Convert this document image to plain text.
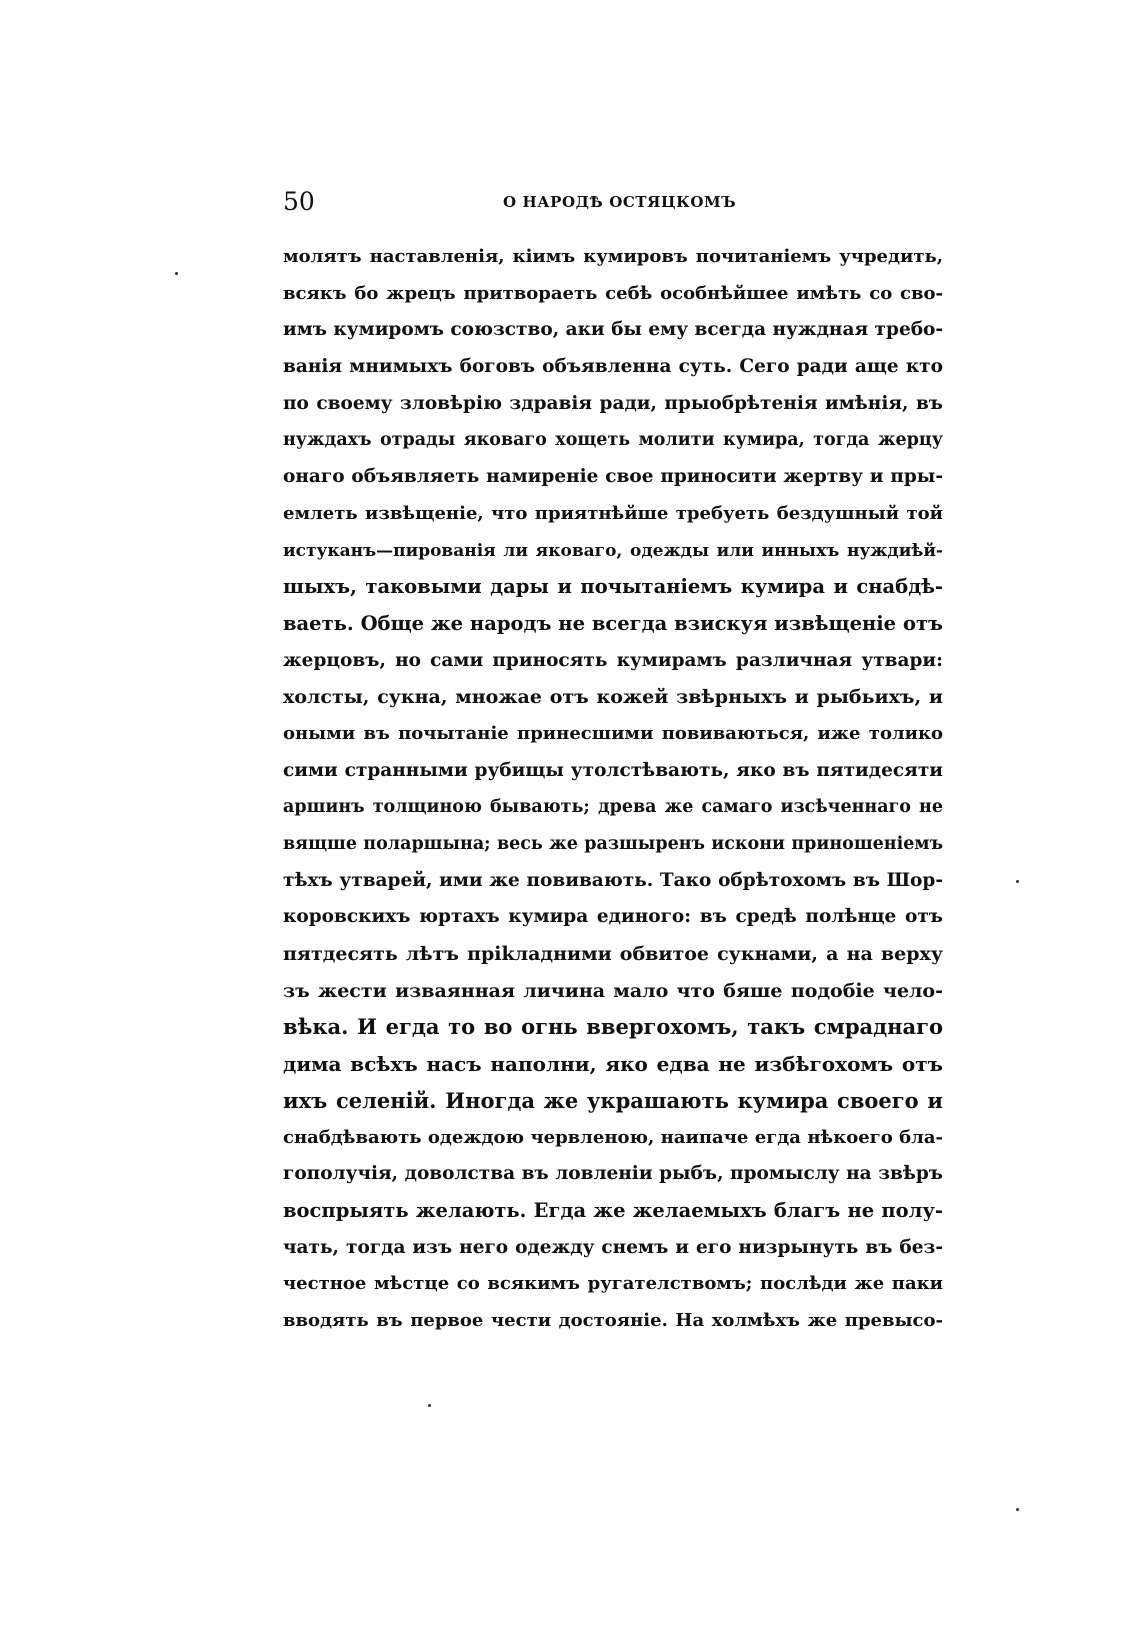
50	О НАРОДѢ ОСТЯЦКОМЪ
молятъ наставленія, кіимъ кумировъ почитаніемъ учредить,
всякъ бо жрецъ притвораеть себѣ особнѣйшее имѣть со сво-
имъ кумиромъ союзство, аки бы ему всегда нуждная требо-
ванія мнимыхъ боговъ объявленна суть. Сего ради аще кто
по своему зловѣрію здравія ради, прыобрѣтенія имѣнія, въ
нуждахъ отрады яковаго хощеть молити кумира, тогда жерцу
онаго объявляеть намиреніе свое приносити жертву и пры-
емлеть извѣщеніе, что приятнѣйше требуеть бездушный той
истуканъ—пированія ли яковаго, одежды или инныхъ нуждиѣй-
шыхъ, таковыми дары и почытаніемъ кумира и снабдѣ-
ваеть. Обще же народъ не всегда взискуя извѣщеніе отъ
жерцовъ, но сами приносять кумирамъ различная утвари:
холсты, сукна, множае отъ кожей звѣрныхъ и рыбьихъ, и
оными въ почытаніе принесшими повиваються, иже толико
сими странными рубищы утолстѣвають, яко въ пятидесяти
аршинъ толщиною бывають; древа же самаго изсѣченнаго не
вящше поларшына; весь же разшыренъ искони приношеніемъ
тѣхъ утварей, ими же повивають. Тако обрѣтохомъ въ Шор-
коровскихъ юртахъ кумира единого: въ средѣ полѣнце отъ
пятдесять лѣтъ пріkладними обвитое сукнами, а на верху
зъ жести изваянная личина мало что бяше подобіе чело-
вѣка. И егда то во огнь ввергохомъ, такъ смраднаго
дима всѣхъ насъ наполни, яко едва не избѣгохомъ отъ
ихъ селеній. Иногда же украшають кумира своего и
снабдѣвають одеждою червленою, наипаче егда нѣкоего бла-
гополучія, доволства въ ловленіи рыбъ, промыслу на звѣръ
воспрыять желають. Егда же желаемыхъ благъ не полу-
чать, тогда изъ него одежду снемъ и его низрынуть въ без-
честное мѣстце со всякимъ ругателствомъ; послѣди же паки
вводять въ первое чести достояніе. На холмѣхъ же превысо-
